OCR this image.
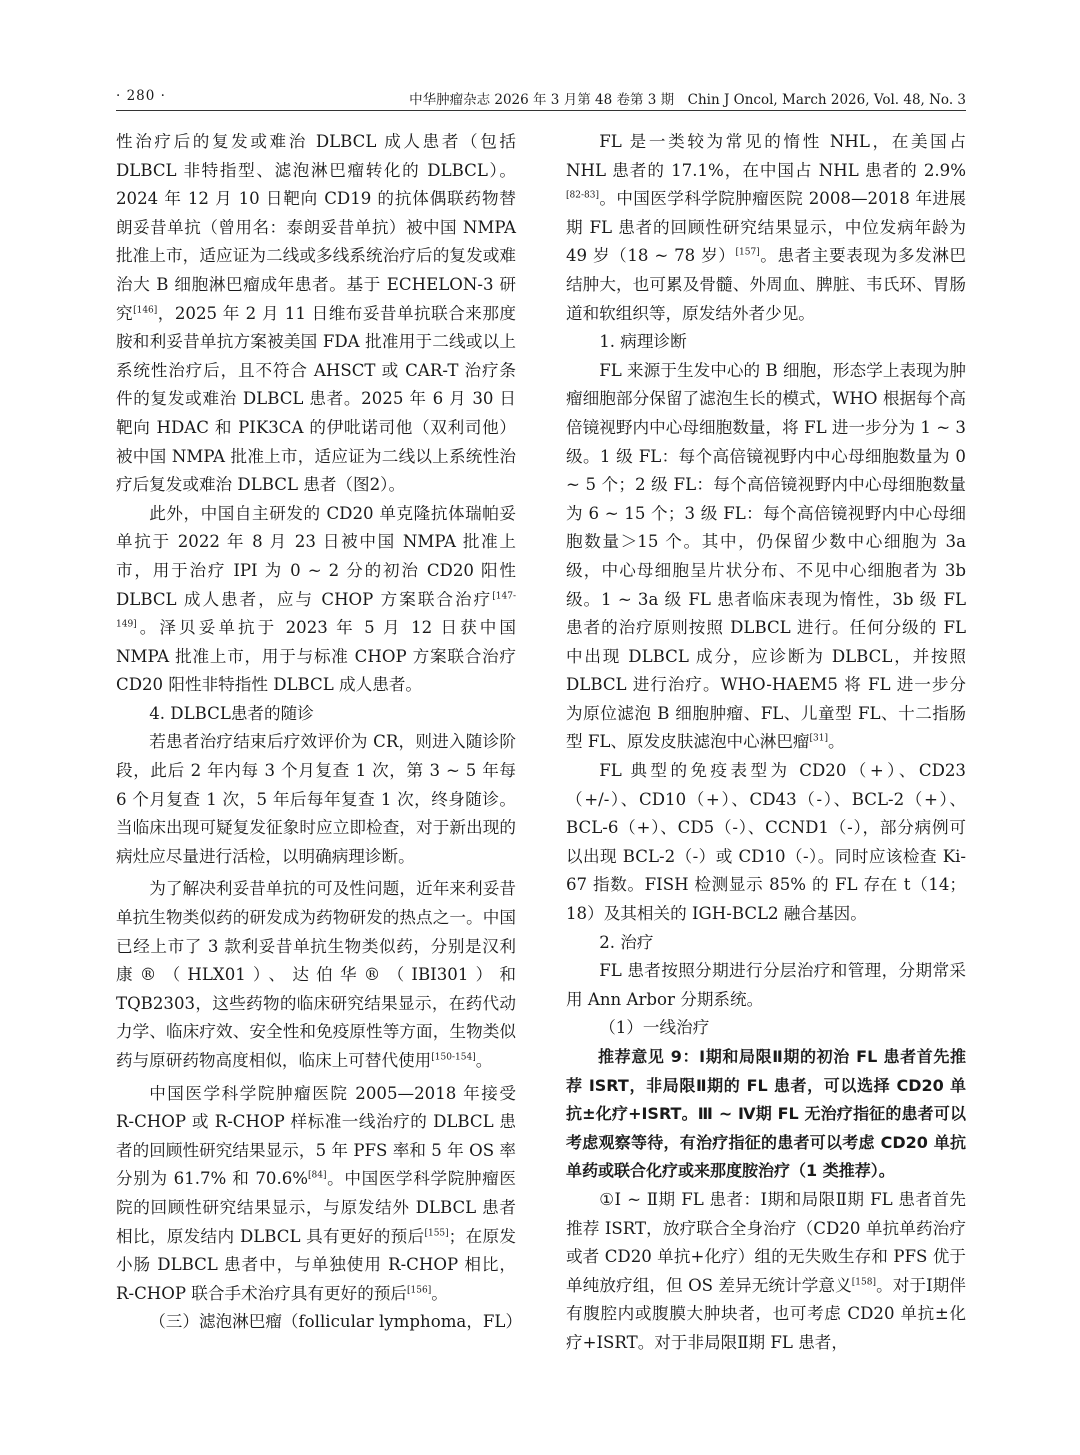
· 280 ·	中华肿瘤杂志 2026 年 3 月第 48 卷第 3 期　Chin J Oncol, March 2026, Vol. 48, No. 3

性治疗后的复发或难治 DLBCL 成人患者（包括 DLBCL 非特指型、滤泡淋巴瘤转化的 DLBCL）。2024 年 12 月 10 日靶向 CD19 的抗体偶联药物替朗妥昔单抗（曾用名：泰朗妥昔单抗）被中国 NMPA 批准上市，适应证为二线或多线系统治疗后的复发或难治大 B 细胞淋巴瘤成年患者。基于 ECHELON-3 研究[146]，2025 年 2 月 11 日维布妥昔单抗联合来那度胺和利妥昔单抗方案被美国 FDA 批准用于二线或以上系统性治疗后，且不符合 AHSCT 或 CAR-T 治疗条件的复发或难治 DLBCL 患者。2025 年 6 月 30 日靶向 HDAC 和 PIK3CA 的伊吡诺司他（双利司他）被中国 NMPA 批准上市，适应证为二线以上系统性治疗后复发或难治 DLBCL 患者（图2）。

此外，中国自主研发的 CD20 单克隆抗体瑞帕妥单抗于 2022 年 8 月 23 日被中国 NMPA 批准上市，用于治疗 IPI 为 0 ~ 2 分的初治 CD20 阳性 DLBCL 成人患者，应与 CHOP 方案联合治疗[147-149]。泽贝妥单抗于 2023 年 5 月 12 日获中国 NMPA 批准上市，用于与标准 CHOP 方案联合治疗 CD20 阳性非特指性 DLBCL 成人患者。

4. DLBCL患者的随诊

若患者治疗结束后疗效评价为 CR，则进入随诊阶段，此后 2 年内每 3 个月复查 1 次，第 3 ~ 5 年每 6 个月复查 1 次，5 年后每年复查 1 次，终身随诊。当临床出现可疑复发征象时应立即检查，对于新出现的病灶应尽量进行活检，以明确病理诊断。

为了解决利妥昔单抗的可及性问题，近年来利妥昔单抗生物类似药的研发成为药物研发的热点之一。中国已经上市了 3 款利妥昔单抗生物类似药，分别是汉利康®（HLX01）、达伯华®（IBI301）和 TQB2303，这些药物的临床研究结果显示，在药代动力学、临床疗效、安全性和免疫原性等方面，生物类似药与原研药物高度相似，临床上可替代使用[150-154]。

中国医学科学院肿瘤医院 2005—2018 年接受 R-CHOP 或 R-CHOP 样标准一线治疗的 DLBCL 患者的回顾性研究结果显示，5 年 PFS 率和 5 年 OS 率分别为 61.7% 和 70.6%[84]。中国医学科学院肿瘤医院的回顾性研究结果显示，与原发结外 DLBCL 患者相比，原发结内 DLBCL 具有更好的预后[155]；在原发小肠 DLBCL 患者中，与单独使用 R-CHOP 相比，R-CHOP 联合手术治疗具有更好的预后[156]。

（三）滤泡淋巴瘤（follicular lymphoma，FL）

FL 是一类较为常见的惰性 NHL，在美国占 NHL 患者的 17.1%，在中国占 NHL 患者的 2.9%[82-83]。中国医学科学院肿瘤医院 2008—2018 年进展期 FL 患者的回顾性研究结果显示，中位发病年龄为 49 岁（18 ~ 78 岁）[157]。患者主要表现为多发淋巴结肿大，也可累及骨髓、外周血、脾脏、韦氏环、胃肠道和软组织等，原发结外者少见。

1. 病理诊断

FL 来源于生发中心的 B 细胞，形态学上表现为肿瘤细胞部分保留了滤泡生长的模式，WHO 根据每个高倍镜视野内中心母细胞数量，将 FL 进一步分为 1 ~ 3 级。1 级 FL：每个高倍镜视野内中心母细胞数量为 0 ~ 5 个；2 级 FL：每个高倍镜视野内中心母细胞数量为 6 ~ 15 个；3 级 FL：每个高倍镜视野内中心母细胞数量＞15 个。其中，仍保留少数中心细胞为 3a 级，中心母细胞呈片状分布、不见中心细胞者为 3b 级。1 ~ 3a 级 FL 患者临床表现为惰性，3b 级 FL 患者的治疗原则按照 DLBCL 进行。任何分级的 FL 中出现 DLBCL 成分，应诊断为 DLBCL，并按照 DLBCL 进行治疗。WHO-HAEM5 将 FL 进一步分为原位滤泡 B 细胞肿瘤、FL、儿童型 FL、十二指肠型 FL、原发皮肤滤泡中心淋巴瘤[31]。

FL 典型的免疫表型为 CD20（+）、CD23（+/-）、CD10（+）、CD43（-）、BCL-2（+）、BCL-6（+）、CD5（-）、CCND1（-），部分病例可以出现 BCL-2（-）或 CD10（-）。同时应该检查 Ki-67 指数。FISH 检测显示 85% 的 FL 存在 t（14；18）及其相关的 IGH-BCL2 融合基因。

2. 治疗

FL 患者按照分期进行分层治疗和管理，分期常采用 Ann Arbor 分期系统。

（1）一线治疗

推荐意见 9：Ⅰ期和局限Ⅱ期的初治 FL 患者首先推荐 ISRT，非局限Ⅱ期的 FL 患者，可以选择 CD20 单抗±化疗+ISRT。Ⅲ ~ Ⅳ期 FL 无治疗指征的患者可以考虑观察等待，有治疗指征的患者可以考虑 CD20 单抗单药或联合化疗或来那度胺治疗（1 类推荐）。

①Ⅰ ~ Ⅱ期 FL 患者：Ⅰ期和局限Ⅱ期 FL 患者首先推荐 ISRT，放疗联合全身治疗（CD20 单抗单药治疗或者 CD20 单抗+化疗）组的无失败生存和 PFS 优于单纯放疗组，但 OS 差异无统计学意义[158]。对于Ⅰ期伴有腹腔内或腹膜大肿块者，也可考虑 CD20 单抗±化疗+ISRT。对于非局限Ⅱ期 FL 患者，
